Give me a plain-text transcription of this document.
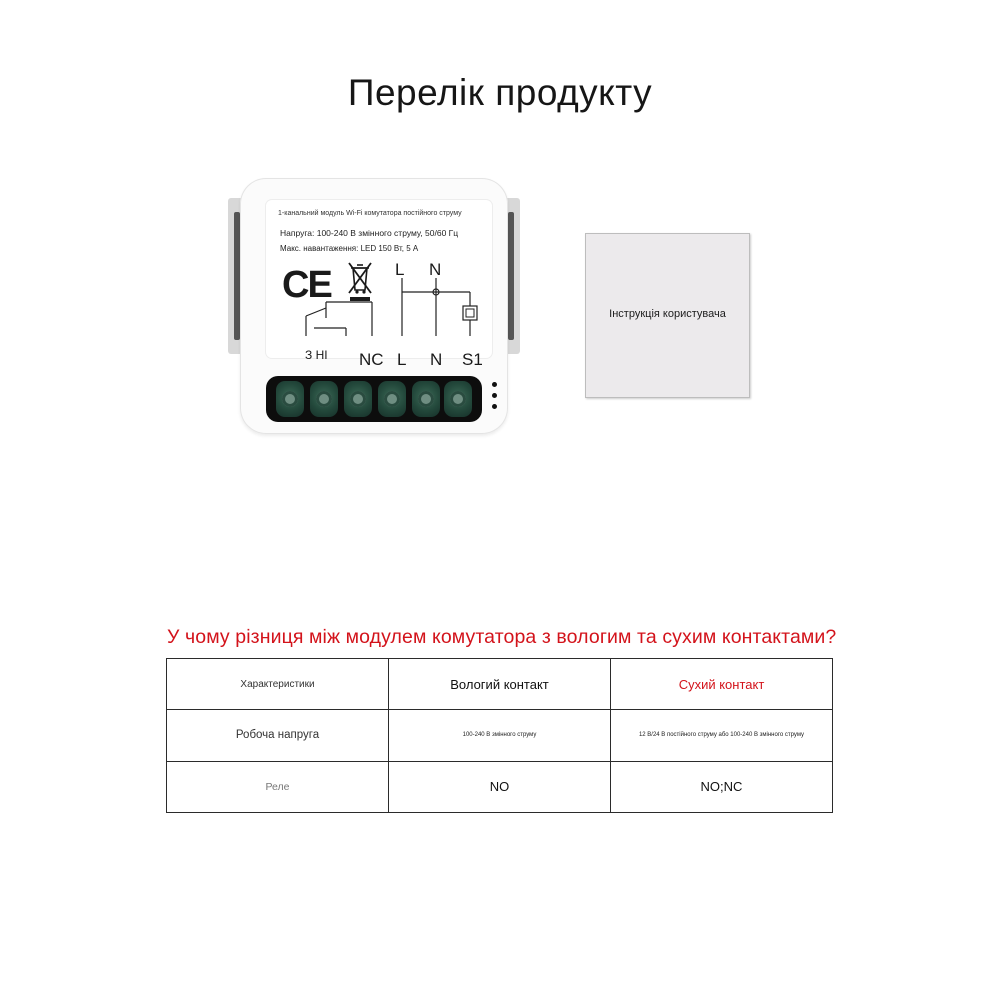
Перелік продукту
1-канальний модуль Wi-Fi комутатора постійного струму
Напруга: 100-240 В змінного струму, 50/60 Гц
Макс. навантаження: LED 150 Вт, 5 А
CE	L N
З НІ NC L N S1
Інструкція користувача
У чому різниця між модулем комутатора з вологим та сухим контактами?
Характеристики	Вологий контакт	Сухий контакт
Робоча напруга	100-240 В змінного струму	12 В/24 В постійного струму або 100-240 В змінного струму
Реле	NO	NO;NC
